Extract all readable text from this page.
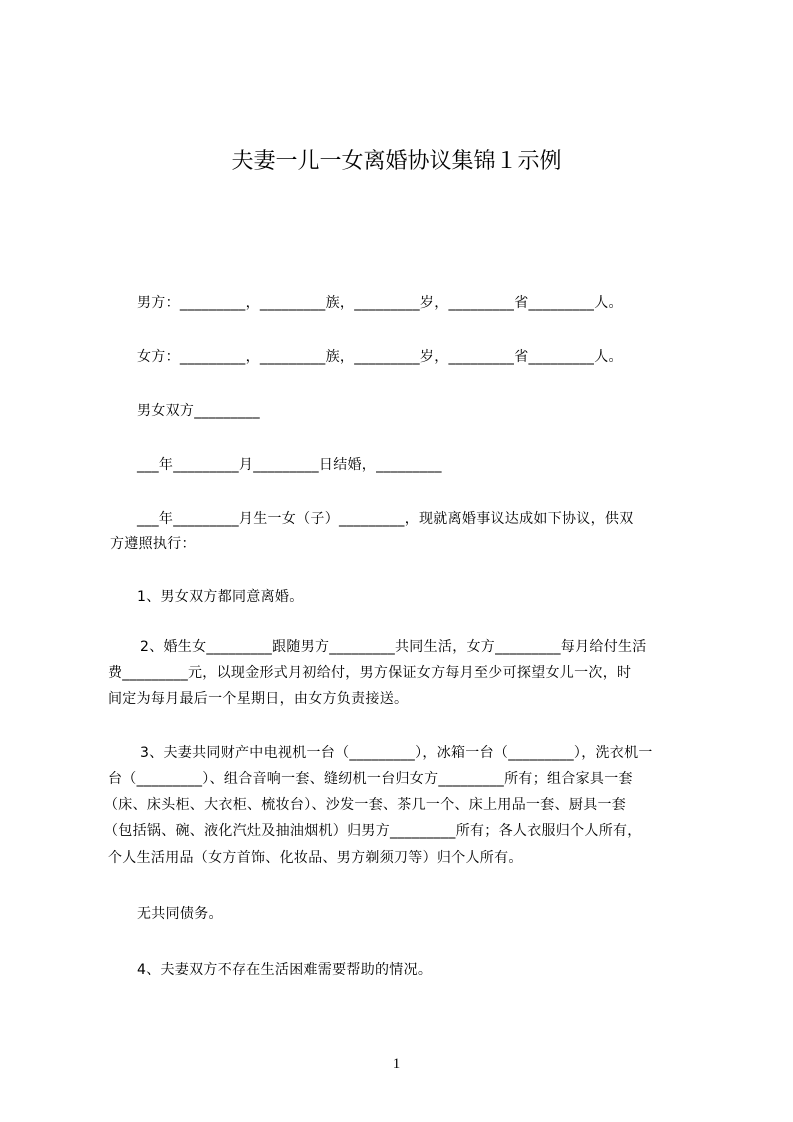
夫妻一儿一女离婚协议集锦１示例
男方：_________，_________族，_________岁，_________省_________人。
女方：_________，_________族，_________岁，_________省_________人。
男女双方_________
___年_________月_________日结婚，_________
___年_________月生一女（子）_________，现就离婚事议达成如下协议，供双
方遵照执行：
1、男女双方都同意离婚。
2、婚生女_________跟随男方_________共同生活，女方_________每月给付生活
费_________元，以现金形式月初给付，男方保证女方每月至少可探望女儿一次，时
间定为每月最后一个星期日，由女方负责接送。
3、夫妻共同财产中电视机一台（_________），冰箱一台（_________），洗衣机一
台（_________）、组合音响一套、缝纫机一台归女方_________所有；组合家具一套
（床、床头柜、大衣柜、梳妆台）、沙发一套、茶几一个、床上用品一套、厨具一套
（包括锅、碗、液化汽灶及抽油烟机）归男方_________所有；各人衣服归个人所有，
个人生活用品（女方首饰、化妆品、男方剃须刀等）归个人所有。
无共同债务。
4、夫妻双方不存在生活困难需要帮助的情况。
1
